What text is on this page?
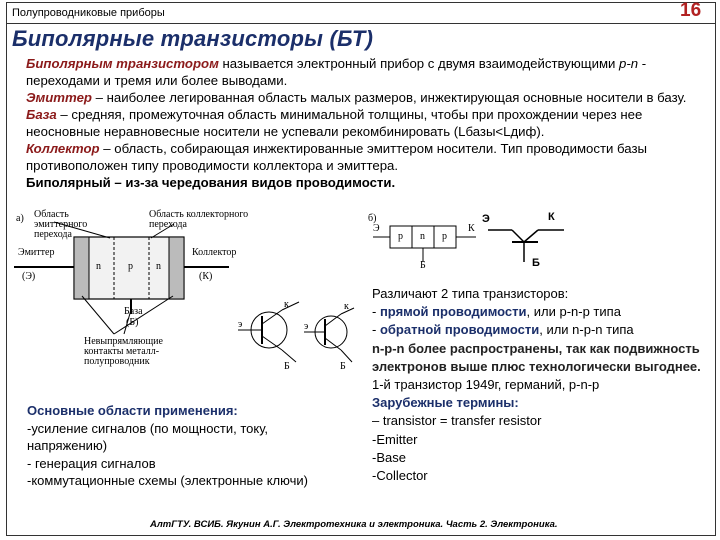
Полупроводниковые приборы	16
Биполярные транзисторы (БТ)

Биполярным транзистором называется электронный прибор с двумя взаимодействующими p-n - переходами и тремя или более выводами.

Эмиттер – наиболее легированная область малых размеров, инжектирующая основные носители в базу.

База – средняя, промежуточная область минимальной толщины, чтобы при прохождении через нее неосновные неравновесные носители не успевали рекомбинировать (Lбазы<Lдиф).

Коллектор – область, собирающая инжектированные эмиттером носители. Тип проводимости базы противоположен типу проводимости коллектора и эмиттера.

Биполярный – из-за чередования видов проводимости.

а) Область эмиттерного перехода
Область коллекторного перехода
Эмиттер
(Э)
Коллектор
(К)
n	p n
База
(Б)
Невыпрямляющие контакты металл-полупроводник
к
э
Б
к
э
Б
б)
Э	К
Б
p n p
Э	К
Б
Основные области применения:
-усиление сигналов (по мощности, току, напряжению)
- генерация сигналов
-коммутационные схемы (электронные ключи)
Различают 2 типа транзисторов:
- прямой проводимости, или p-n-p типа
- обратной проводимости, или n-p-n типа
n-p-n более распространены, так как подвижность электронов выше плюс технологически выгоднее.
1-й транзистор 1949г, германий, p-n-p
Зарубежные термины:
– transistor = transfer resistor
-Emitter
-Base
-Collector
АлтГТУ. ВСИБ. Якунин А.Г. Электротехника и электроника. Часть 2. Электроника.
